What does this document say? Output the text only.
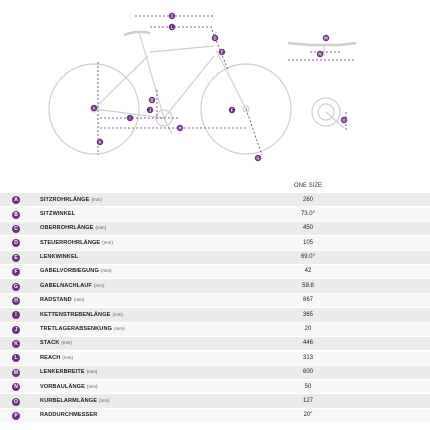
C
L
D
E
M
N
A
K
B
J	F
I
H
G
O
ONE SIZE
A	SITZROHRLÄNGE (mm)	260
B	SITZWINKEL	73.0°
C	OBERROHRLÄNGE (mm)	450
D	STEUERROHRLÄNGE (mm)	105
E	LENKWINKEL	69.0°
F	GABELVORBIEGUNG (mm)	42
G	GABELNACHLAUF (mm)	59.8
H	RADSTAND (mm)	867
I	KETTENSTREBENLÄNGE (mm)	365
J	TRETLAGERABSENKUNG (mm)	20
K	STACK (mm)	446
L	REACH (mm)	313
M	LENKERBREITE (mm)	600
N	VORBAULÄNGE (mm)	50
O	KURBELARMLÄNGE (mm)	127
P	RADDURCHMESSER	20"
